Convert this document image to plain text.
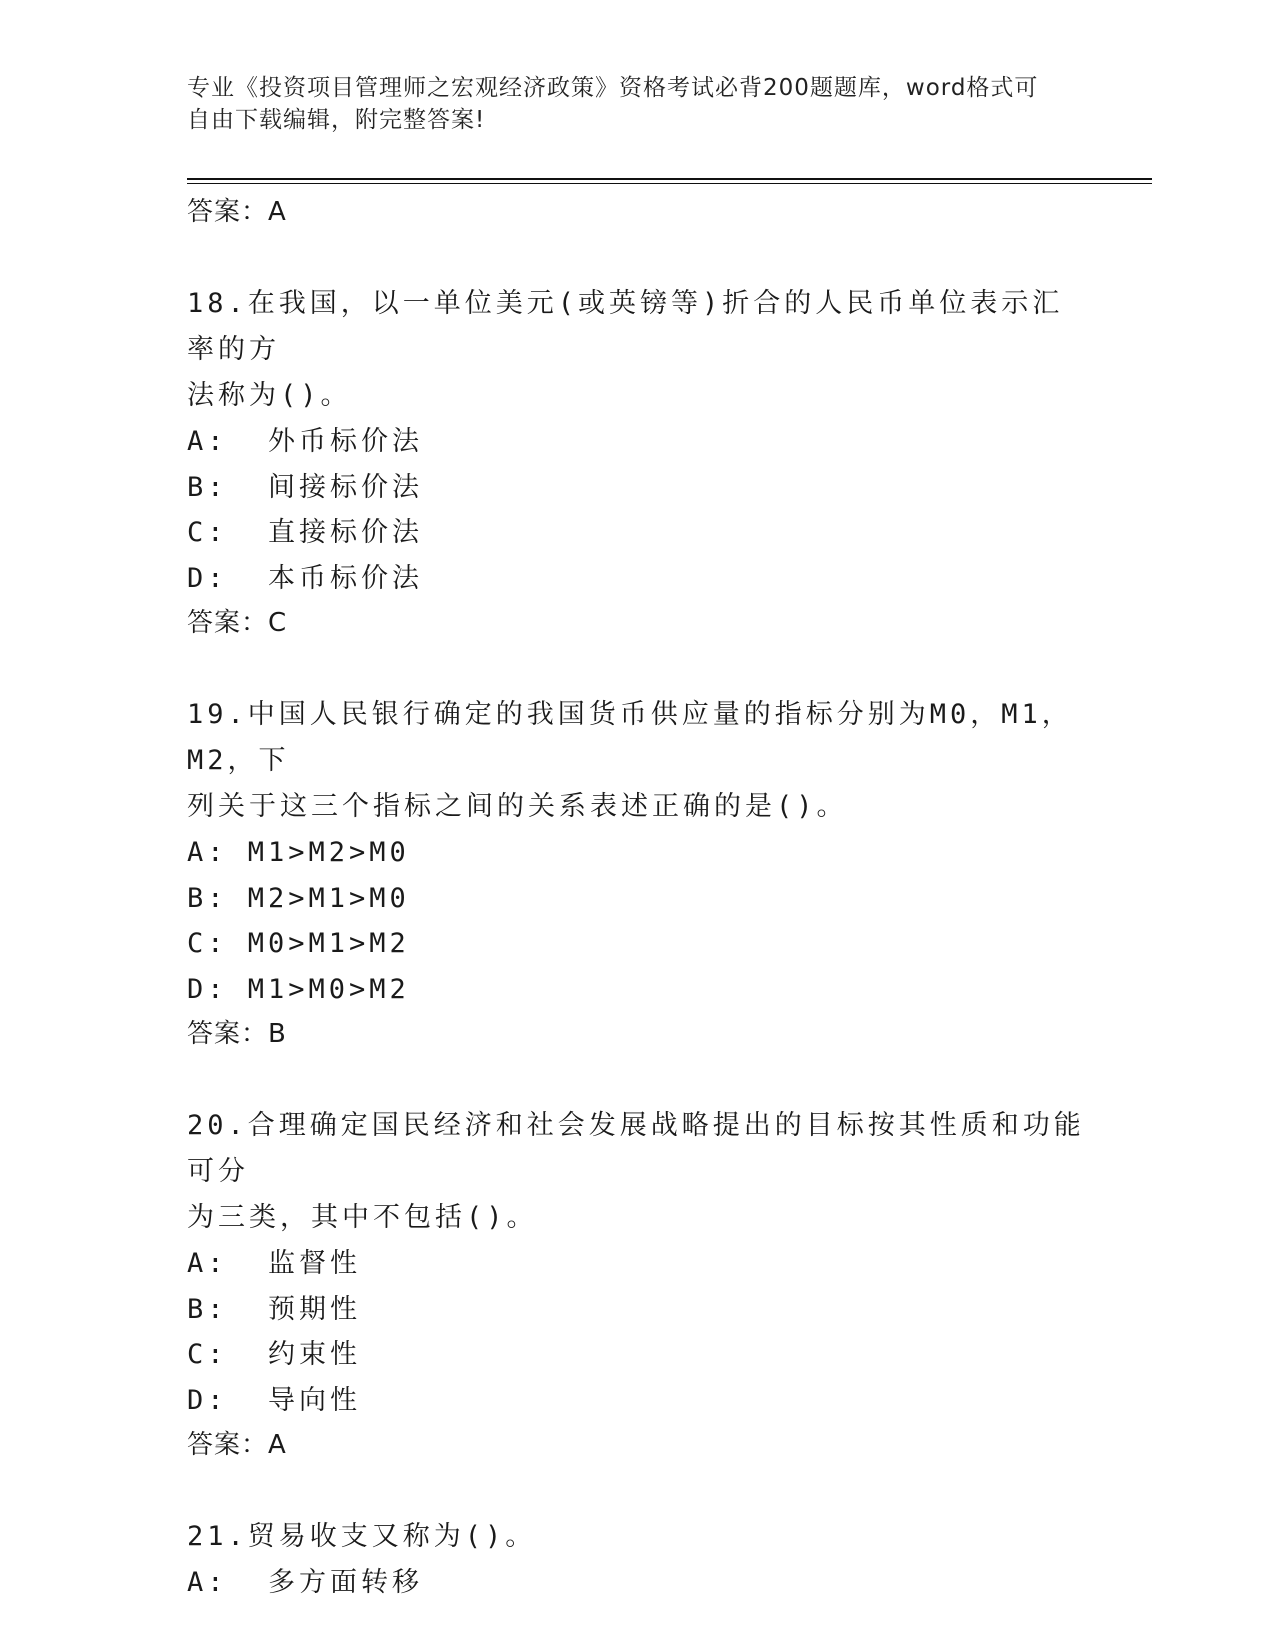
专业《投资项目管理师之宏观经济政策》资格考试必背200题题库，word格式可
自由下载编辑，附完整答案!
答案：A
18.在我国，以一单位美元(或英镑等)折合的人民币单位表示汇率的方
法称为()。
A:  外币标价法
B:  间接标价法
C:  直接标价法
D:  本币标价法
答案：C
19.中国人民银行确定的我国货币供应量的指标分别为M0，M1，M2，下
列关于这三个指标之间的关系表述正确的是()。
A: M1>M2>M0
B: M2>M1>M0
C: M0>M1>M2
D: M1>M0>M2
答案：B
20.合理确定国民经济和社会发展战略提出的目标按其性质和功能可分
为三类，其中不包括()。
A:  监督性
B:  预期性
C:  约束性
D:  导向性
答案：A
21.贸易收支又称为()。
A:  多方面转移
